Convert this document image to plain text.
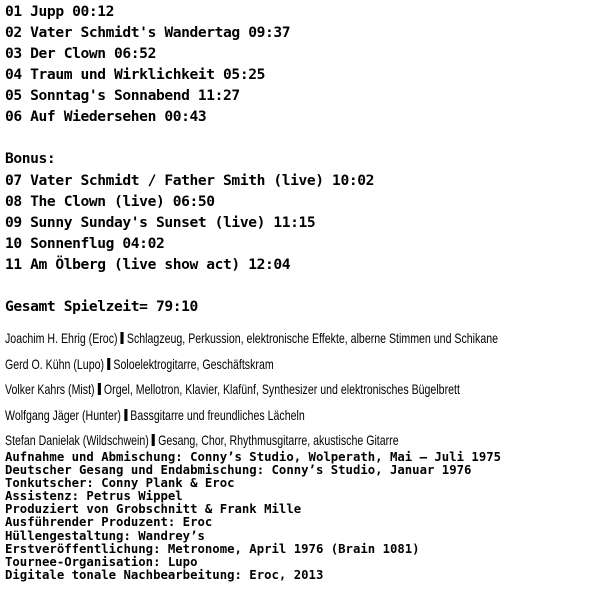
01 Jupp 00:12
02 Vater Schmidt's Wandertag 09:37
03 Der Clown 06:52
04 Traum und Wirklichkeit 05:25
05 Sonntag's Sonnabend 11:27
06 Auf Wiedersehen 00:43
Bonus:
07 Vater Schmidt / Father Smith (live) 10:02
08 The Clown (live) 06:50
09 Sunny Sunday's Sunset (live) 11:15
10 Sonnenflug 04:02
11 Am Ölberg (live show act) 12:04
Gesamt Spielzeit= 79:10
Joachim H. Ehrig (Eroc) Schlagzeug, Perkussion, elektronische Effekte, alberne Stimmen und Schikane
Gerd O. Kühn (Lupo) Soloelektrogitarre, Geschäftskram
Volker Kahrs (Mist) Orgel, Mellotron, Klavier, Klafünf, Synthesizer und elektronisches Bügelbrett
Wolfgang Jäger (Hunter) Bassgitarre und freundliches Lächeln
Stefan Danielak (Wildschwein) Gesang, Chor, Rhythmusgitarre, akustische Gitarre
Aufnahme und Abmischung: Conny’s Studio, Wolperath, Mai – Juli 1975
Deutscher Gesang und Endabmischung: Conny’s Studio, Januar 1976
Tonkutscher: Conny Plank & Eroc
Assistenz: Petrus Wippel
Produziert von Grobschnitt & Frank Mille
Ausführender Produzent: Eroc
Hüllengestaltung: Wandrey’s
Erstveröffentlichung: Metronome, April 1976 (Brain 1081)
Tournee-Organisation: Lupo
Digitale tonale Nachbearbeitung: Eroc, 2013
